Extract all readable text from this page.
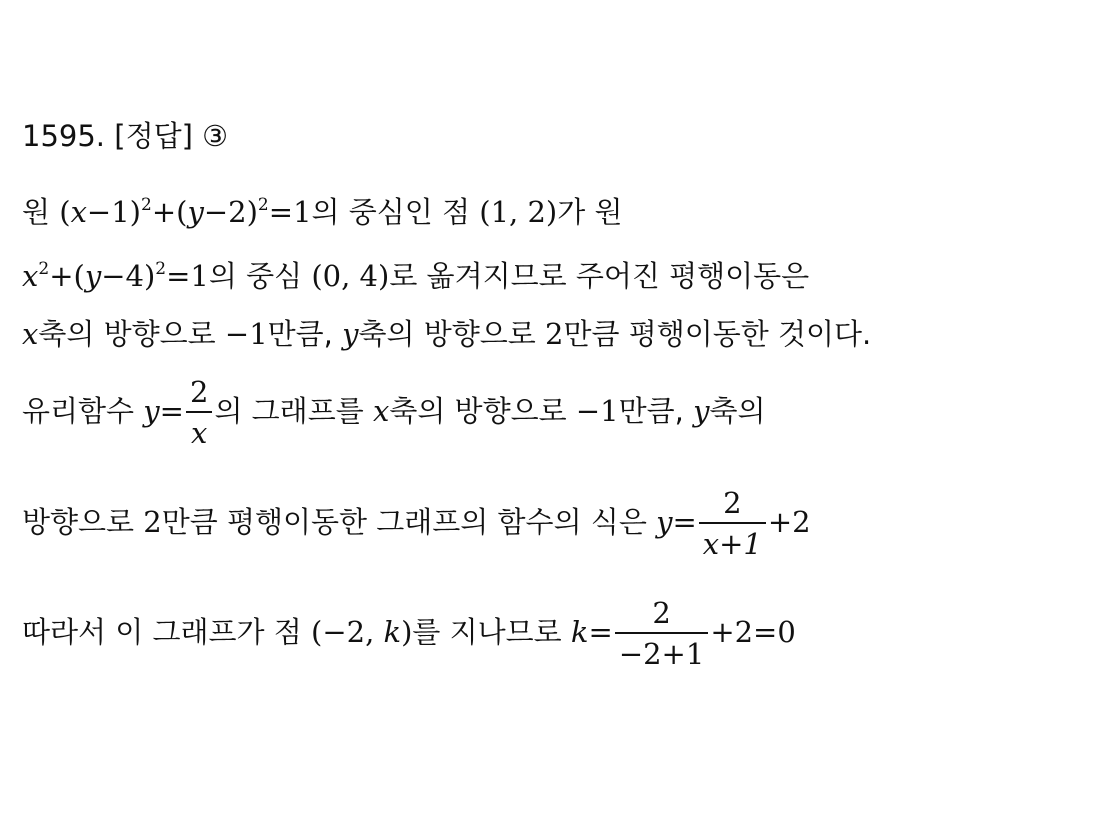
1595. [정답] ③
원 $(x-1)^2+(y-2)^2=1$의 중심인 점 (1, 2)가 원
$x^2+(y-4)^2=1$의 중심 (0, 4)로 옮겨지므로 주어진 평행이동은
x축의 방향으로 −1만큼, y축의 방향으로 2만큼 평행이동한 것이다.
유리함수 $y= \frac{2}{x}$ 의 그래프를 x축의 방향으로 −1만큼, y축의
방향으로 2만큼 평행이동한 그래프의 함수의 식은 $y= \frac{2}{x+1} +2$
따라서 이 그래프가 점 (−2, k)를 지나므로 $k= \frac{2}{-2+1} +2=0$
